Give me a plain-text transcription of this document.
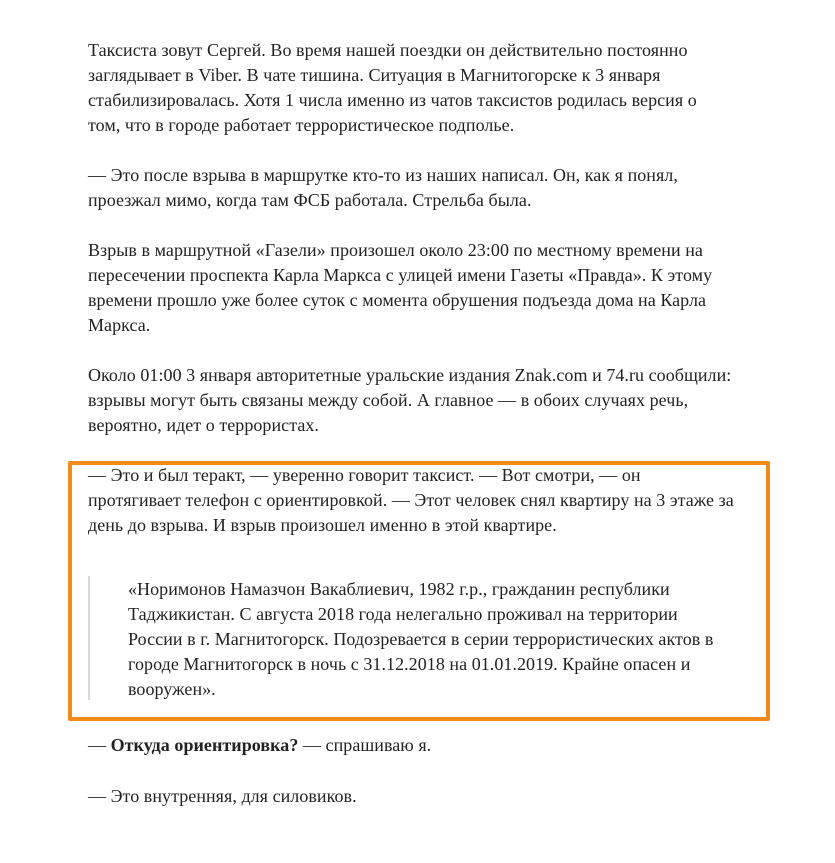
Таксиста зовут Сергей. Во время нашей поездки он действительно постоянно заглядывает в Viber. В чате тишина. Ситуация в Магнитогорске к 3 января стабилизировалась. Хотя 1 числа именно из чатов таксистов родилась версия о том, что в городе работает террористическое подполье.

— Это после взрыва в маршрутке кто-то из наших написал. Он, как я понял, проезжал мимо, когда там ФСБ работала. Стрельба была.

Взрыв в маршрутной «Газели» произошел около 23:00 по местному времени на пересечении проспекта Карла Маркса с улицей имени Газеты «Правда». К этому времени прошло уже более суток с момента обрушения подъезда дома на Карла Маркса.

Около 01:00 3 января авторитетные уральские издания Znak.com и 74.ru сообщили: взрывы могут быть связаны между собой. А главное — в обоих случаях речь, вероятно, идет о террористах.

— Это и был теракт, — уверенно говорит таксист. — Вот смотри, — он протягивает телефон с ориентировкой. — Этот человек снял квартиру на 3 этаже за день до взрыва. И взрыв произошел именно в этой квартире.

— Откуда ориентировка? — спрашиваю я.

— Это внутренняя, для силовиков.

«Норимонов Намазчон Вакаблиевич, 1982 г.р., гражданин республики Таджикистан. С августа 2018 года нелегально проживал на территории России в г. Магнитогорск. Подозревается в серии террористических актов в городе Магнитогорск в ночь с 31.12.2018 на 01.01.2019. Крайне опасен и вооружен».
